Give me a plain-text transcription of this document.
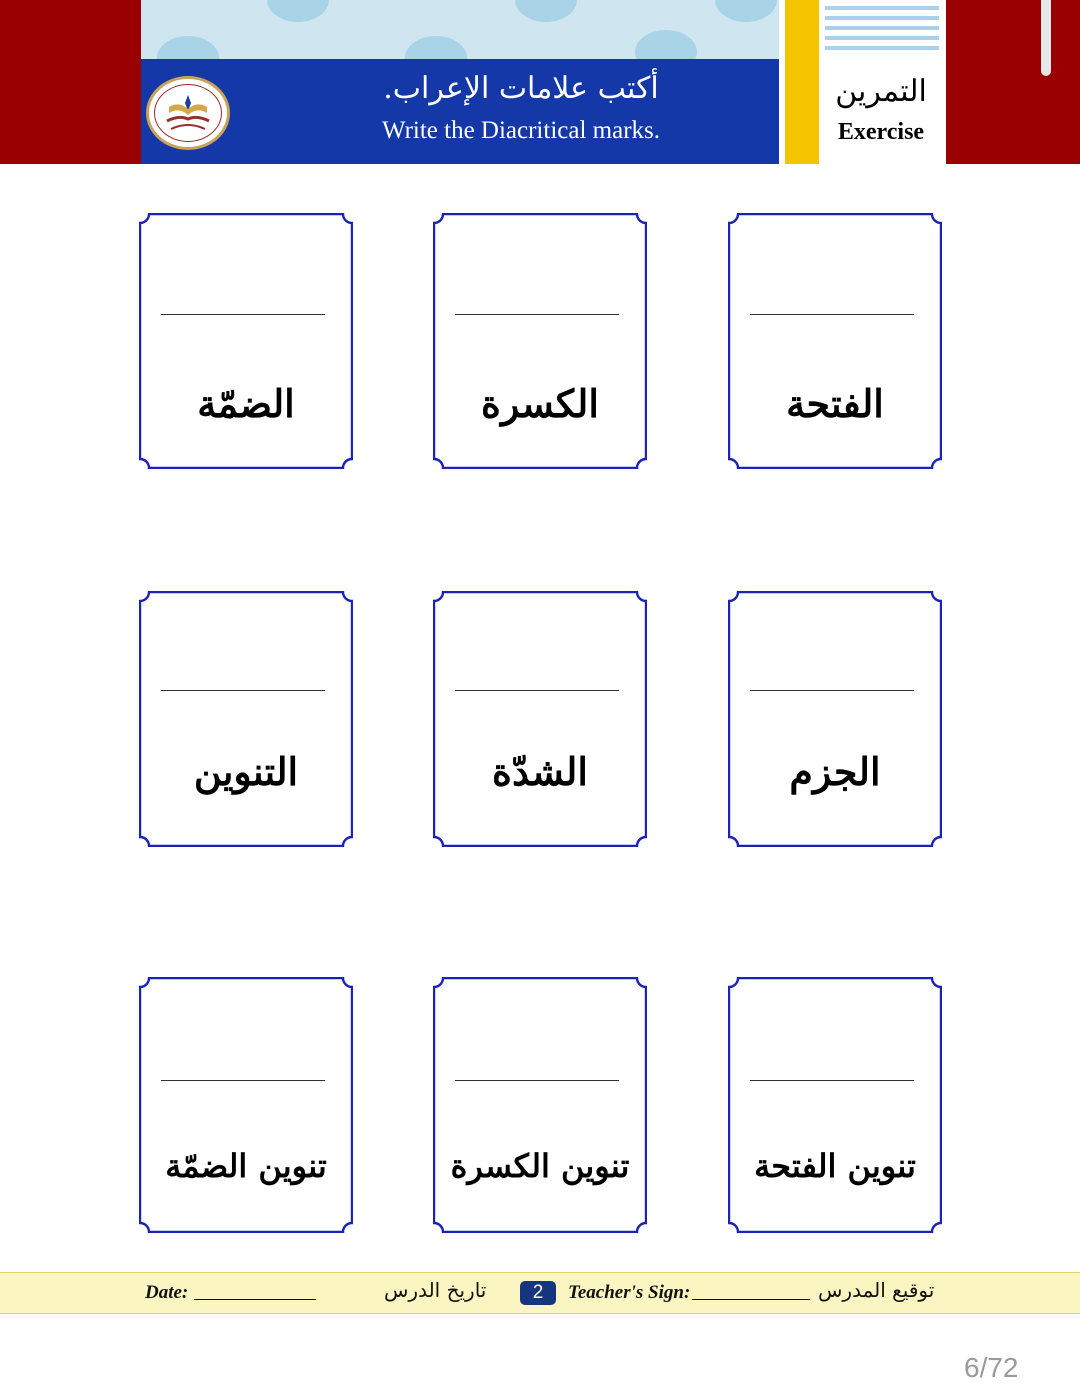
أكتب علامات الإعراب.
Write the Diacritical marks.
التمرين
Exercise
الضمّة	الكسرة	الفتحة
التنوين	الشدّة	الجزم
تنوين الضمّة	تنوين الكسرة	تنوين الفتحة
Date:	تاريخ الدرس	2	Teacher's Sign:	توقيع المدرس
6/72
